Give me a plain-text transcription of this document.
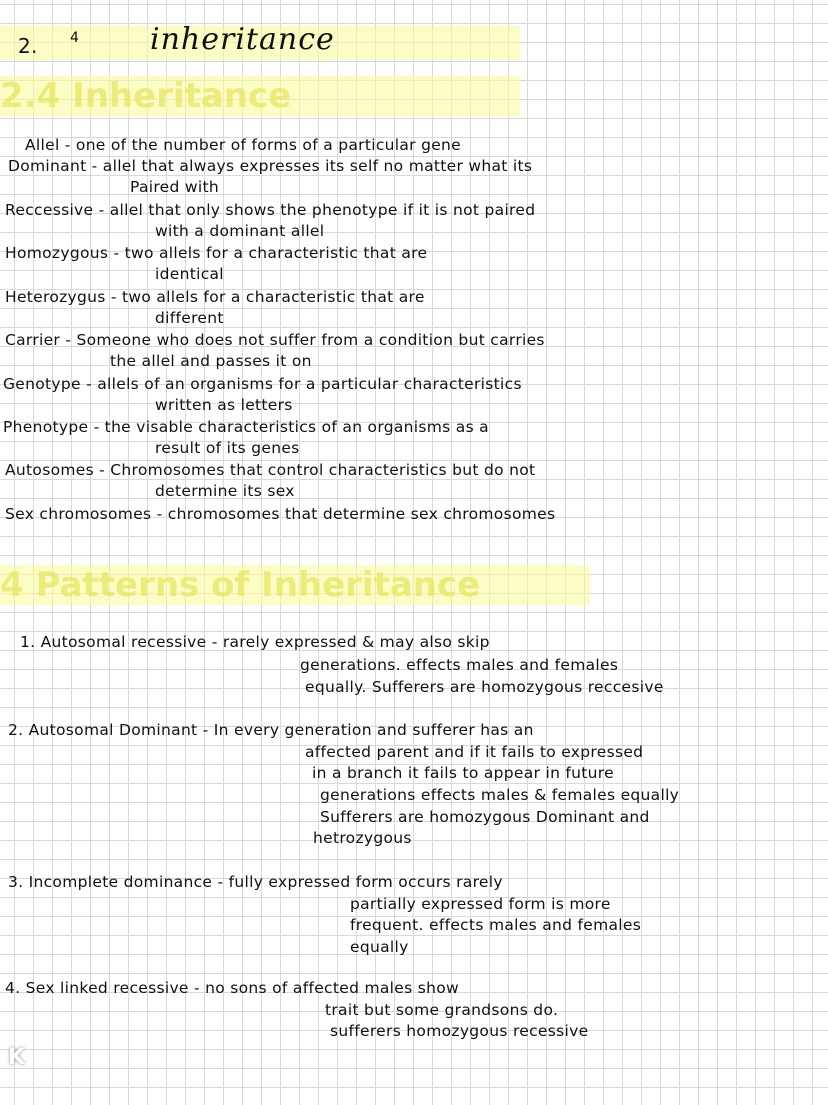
2. 4 inheritance
2.4 Inheritance
Allel - one of the number of forms of a particular gene
Dominant - allel that always expresses its self no matter what its
Paired with
Reccessive - allel that only shows the phenotype if it is not paired
with a dominant allel
Homozygous - two allels for a characteristic that are
identical
Heterozygus - two allels for a characteristic that are
different
Carrier - Someone who does not suffer from a condition but carries
the allel and passes it on
Genotype - allels of an organisms for a particular characteristics
written as letters
Phenotype - the visable characteristics of an organisms as a
result of its genes
Autosomes - Chromosomes that control characteristics but do not
determine its sex
Sex chromosomes - chromosomes that determine sex chromosomes
4 Patterns of Inheritance
1. Autosomal recessive - rarely expressed & may also skip
generations. effects males and females
equally. Sufferers are homozygous reccesive
2. Autosomal Dominant - In every generation and sufferer has an
affected parent and if it fails to expressed
in a branch it fails to appear in future
generations effects males & females equally
Sufferers are homozygous Dominant and
hetrozygous
3. Incomplete dominance - fully expressed form occurs rarely
partially expressed form is more
frequent. effects males and females
equally
4. Sex linked recessive - no sons of affected males show
trait but some grandsons do.
sufferers homozygous recessive
K
